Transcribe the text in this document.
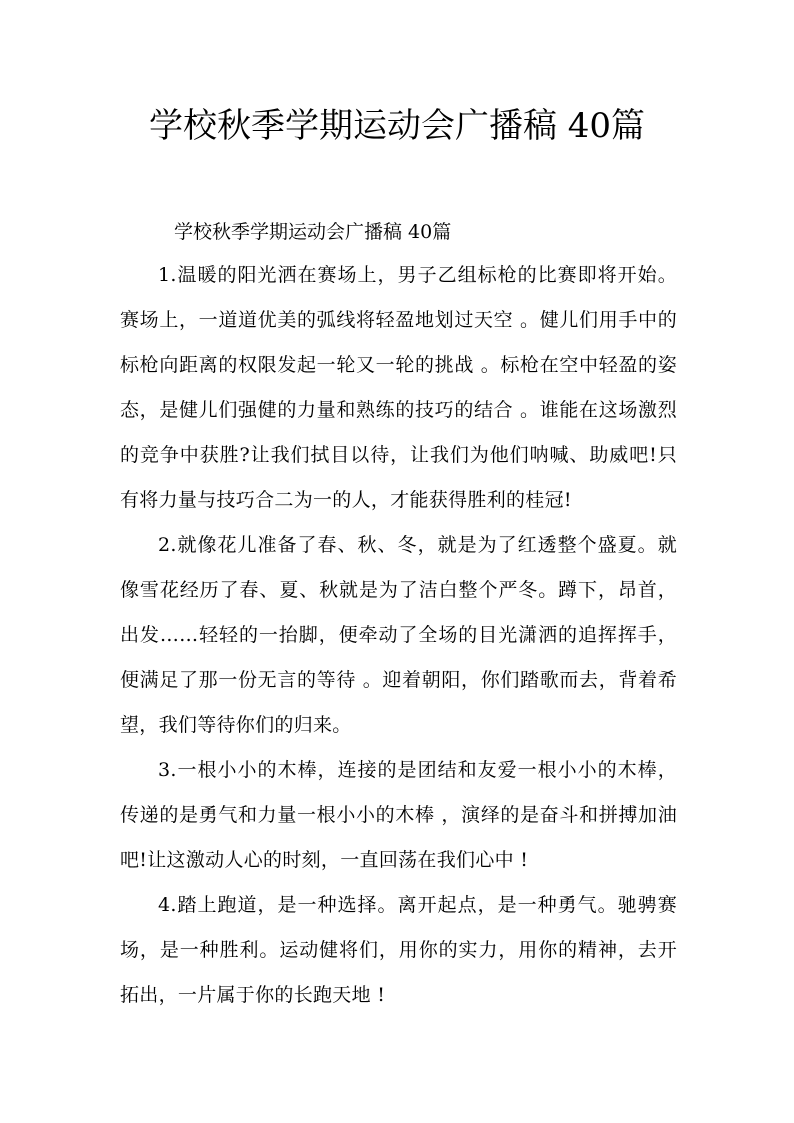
学校秋季学期运动会广播稿 40篇

学校秋季学期运动会广播稿 40篇

1.温暖的阳光洒在赛场上，男子乙组标枪的比赛即将开始。赛场上，一道道优美的弧线将轻盈地划过天空 。健儿们用手中的标枪向距离的权限发起一轮又一轮的挑战 。标枪在空中轻盈的姿态，是健儿们强健的力量和熟练的技巧的结合 。谁能在这场激烈的竞争中获胜?让我们拭目以待，让我们为他们呐喊、助威吧!只有将力量与技巧合二为一的人，才能获得胜利的桂冠!

2.就像花儿准备了春、秋、冬，就是为了红透整个盛夏。就像雪花经历了春、夏、秋就是为了洁白整个严冬。蹲下，昂首，出发……轻轻的一抬脚，便牵动了全场的目光潇洒的追挥挥手，便满足了那一份无言的等待 。迎着朝阳，你们踏歌而去，背着希望，我们等待你们的归来。

3.一根小小的木棒，连接的是团结和友爱一根小小的木棒，传递的是勇气和力量一根小小的木棒 ，演绎的是奋斗和拼搏加油吧!让这激动人心的时刻，一直回荡在我们心中 !

4.踏上跑道，是一种选择。离开起点，是一种勇气。驰骋赛场，是一种胜利。运动健将们，用你的实力，用你的精神，去开拓出，一片属于你的长跑天地 !
